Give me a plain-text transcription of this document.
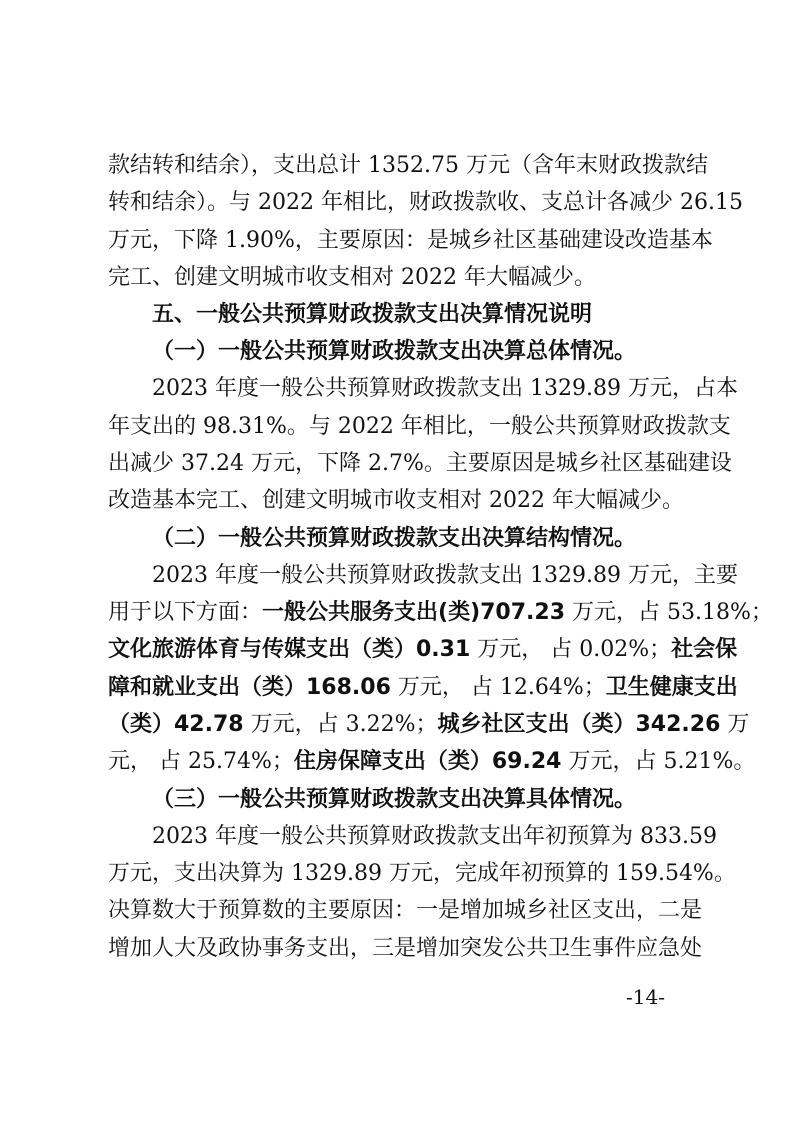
款结转和结余），支出总计 1352.75 万元（含年末财政拨款结
转和结余）。与 2022 年相比，财政拨款收、支总计各减少 26.15
万元，下降 1.90%，主要原因：是城乡社区基础建设改造基本
完工、创建文明城市收支相对 2022 年大幅减少。
五、一般公共预算财政拨款支出决算情况说明
（一）一般公共预算财政拨款支出决算总体情况。
2023 年度一般公共预算财政拨款支出 1329.89 万元，占本
年支出的 98.31%。与 2022 年相比，一般公共预算财政拨款支
出减少 37.24 万元，下降 2.7%。主要原因是城乡社区基础建设
改造基本完工、创建文明城市收支相对 2022 年大幅减少。
（二）一般公共预算财政拨款支出决算结构情况。
2023 年度一般公共预算财政拨款支出 1329.89 万元，主要
用于以下方面：一般公共服务支出(类)707.23 万元，占 53.18%；
文化旅游体育与传媒支出（类）0.31 万元， 占 0.02%；社会保
障和就业支出（类）168.06 万元， 占 12.64%；卫生健康支出
（类）42.78 万元，占 3.22%；城乡社区支出（类）342.26 万
元， 占 25.74%；住房保障支出（类）69.24 万元，占 5.21%。
（三）一般公共预算财政拨款支出决算具体情况。
2023 年度一般公共预算财政拨款支出年初预算为 833.59
万元，支出决算为 1329.89 万元，完成年初预算的 159.54%。
决算数大于预算数的主要原因：一是增加城乡社区支出，二是
增加人大及政协事务支出，三是增加突发公共卫生事件应急处
-14-
